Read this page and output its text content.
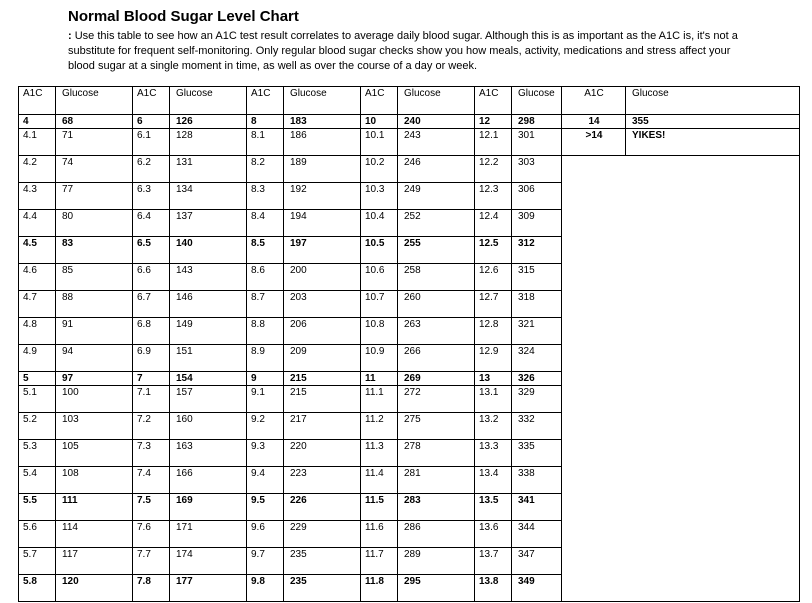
Normal Blood Sugar Level Chart

: Use this table to see how an A1C test result correlates to average daily blood sugar. Although this is as important as the A1C is, it's not a substitute for frequent self-monitoring. Only regular blood sugar checks show you how meals, activity, medications and stress affect your blood sugar at a single moment in time, as well as over the course of a day or week.

A1C	Glucose	A1C	Glucose	A1C	Glucose	A1C	Glucose	A1C	Glucose	A1C	Glucose
4	68	6	126	8	183	10	240	12	298	14	355
4.1	71	6.1	128	8.1	186	10.1	243	12.1	301	>14	YIKES!
4.2	74	6.2	131	8.2	189	10.2	246	12.2	303		
4.3	77	6.3	134	8.3	192	10.3	249	12.3	306		
4.4	80	6.4	137	8.4	194	10.4	252	12.4	309		
4.5	83	6.5	140	8.5	197	10.5	255	12.5	312		
4.6	85	6.6	143	8.6	200	10.6	258	12.6	315		
4.7	88	6.7	146	8.7	203	10.7	260	12.7	318		
4.8	91	6.8	149	8.8	206	10.8	263	12.8	321		
4.9	94	6.9	151	8.9	209	10.9	266	12.9	324		
5	97	7	154	9	215	11	269	13	326		
5.1	100	7.1	157	9.1	215	11.1	272	13.1	329		
5.2	103	7.2	160	9.2	217	11.2	275	13.2	332		
5.3	105	7.3	163	9.3	220	11.3	278	13.3	335		
5.4	108	7.4	166	9.4	223	11.4	281	13.4	338		
5.5	111	7.5	169	9.5	226	11.5	283	13.5	341		
5.6	114	7.6	171	9.6	229	11.6	286	13.6	344		
5.7	117	7.7	174	9.7	235	11.7	289	13.7	347		
5.8	120	7.8	177	9.8	235	11.8	295	13.8	349		
